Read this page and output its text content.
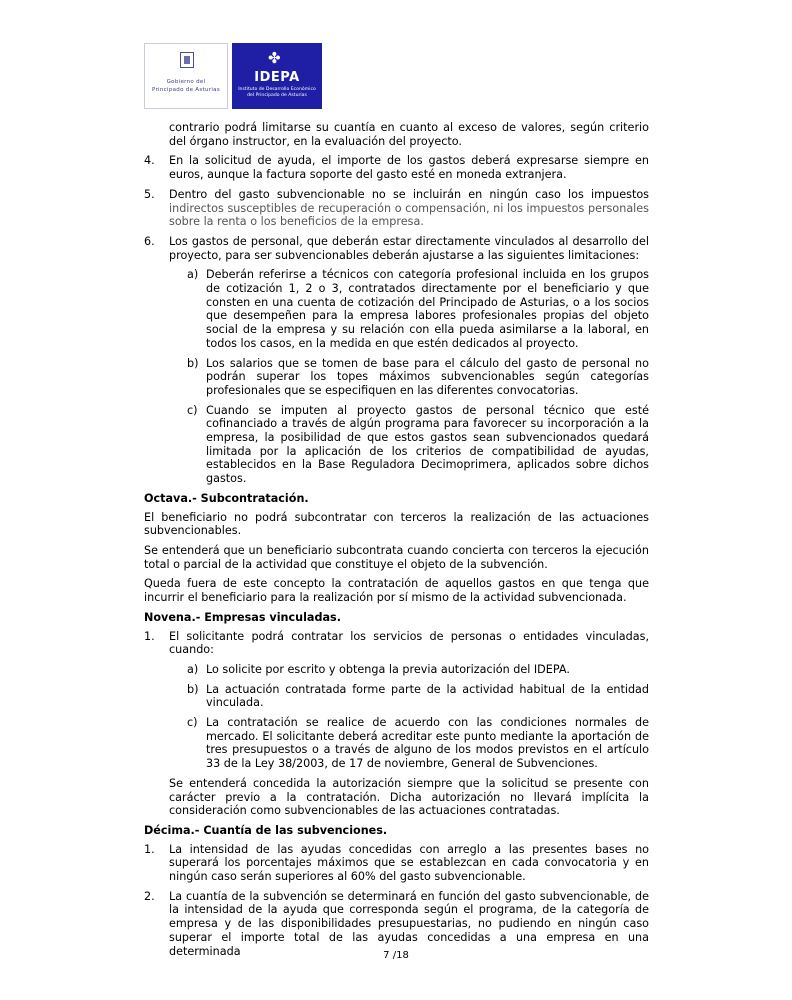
Gobierno del
Principado de Asturias
✤
IDEPA
Instituto de Desarrollo Económico
del Principado de Asturias

contrario podrá limitarse su cuantía en cuanto al exceso de valores, según criterio del órgano instructor, en la evaluación del proyecto.

4. En la solicitud de ayuda, el importe de los gastos deberá expresarse siempre en euros, aunque la factura soporte del gasto esté en moneda extranjera.

5. Dentro del gasto subvencionable no se incluirán en ningún caso los impuestos indirectos susceptibles de recuperación o compensación, ni los impuestos personales sobre la renta o los beneficios de la empresa.

6. Los gastos de personal, que deberán estar directamente vinculados al desarrollo del proyecto, para ser subvencionables deberán ajustarse a las siguientes limitaciones:

a) Deberán referirse a técnicos con categoría profesional incluida en los grupos de cotización 1, 2 o 3, contratados directamente por el beneficiario y que consten en una cuenta de cotización del Principado de Asturias, o a los socios que desempeñen para la empresa labores profesionales propias del objeto social de la empresa y su relación con ella pueda asimilarse a la laboral, en todos los casos, en la medida en que estén dedicados al proyecto.

b) Los salarios que se tomen de base para el cálculo del gasto de personal no podrán superar los topes máximos subvencionables según categorías profesionales que se especifiquen en las diferentes convocatorias.

c) Cuando se imputen al proyecto gastos de personal técnico que esté cofinanciado a través de algún programa para favorecer su incorporación a la empresa, la posibilidad de que estos gastos sean subvencionados quedará limitada por la aplicación de los criterios de compatibilidad de ayudas, establecidos en la Base Reguladora Decimoprimera, aplicados sobre dichos gastos.

Octava.- Subcontratación.

El beneficiario no podrá subcontratar con terceros la realización de las actuaciones subvencionables.

Se entenderá que un beneficiario subcontrata cuando concierta con terceros la ejecución total o parcial de la actividad que constituye el objeto de la subvención.

Queda fuera de este concepto la contratación de aquellos gastos en que tenga que incurrir el beneficiario para la realización por sí mismo de la actividad subvencionada.

Novena.- Empresas vinculadas.
1. El solicitante podrá contratar los servicios de personas o entidades vinculadas, cuando:

a) Lo solicite por escrito y obtenga la previa autorización del IDEPA.

b) La actuación contratada forme parte de la actividad habitual de la entidad vinculada.

c) La contratación se realice de acuerdo con las condiciones normales de mercado. El solicitante deberá acreditar este punto mediante la aportación de tres presupuestos o a través de alguno de los modos previstos en el artículo 33 de la Ley 38/2003, de 17 de noviembre, General de Subvenciones.

Se entenderá concedida la autorización siempre que la solicitud se presente con carácter previo a la contratación. Dicha autorización no llevará implícita la consideración como subvencionables de las actuaciones contratadas.

Décima.- Cuantía de las subvenciones.
1. La intensidad de las ayudas concedidas con arreglo a las presentes bases no superará los porcentajes máximos que se establezcan en cada convocatoria y en ningún caso serán superiores al 60% del gasto subvencionable.

2. La cuantía de la subvención se determinará en función del gasto subvencionable, de la intensidad de la ayuda que corresponda según el programa, de la categoría de empresa y de las disponibilidades presupuestarias, no pudiendo en ningún caso superar el importe total de las ayudas concedidas a una empresa en una determinada	7 /18
